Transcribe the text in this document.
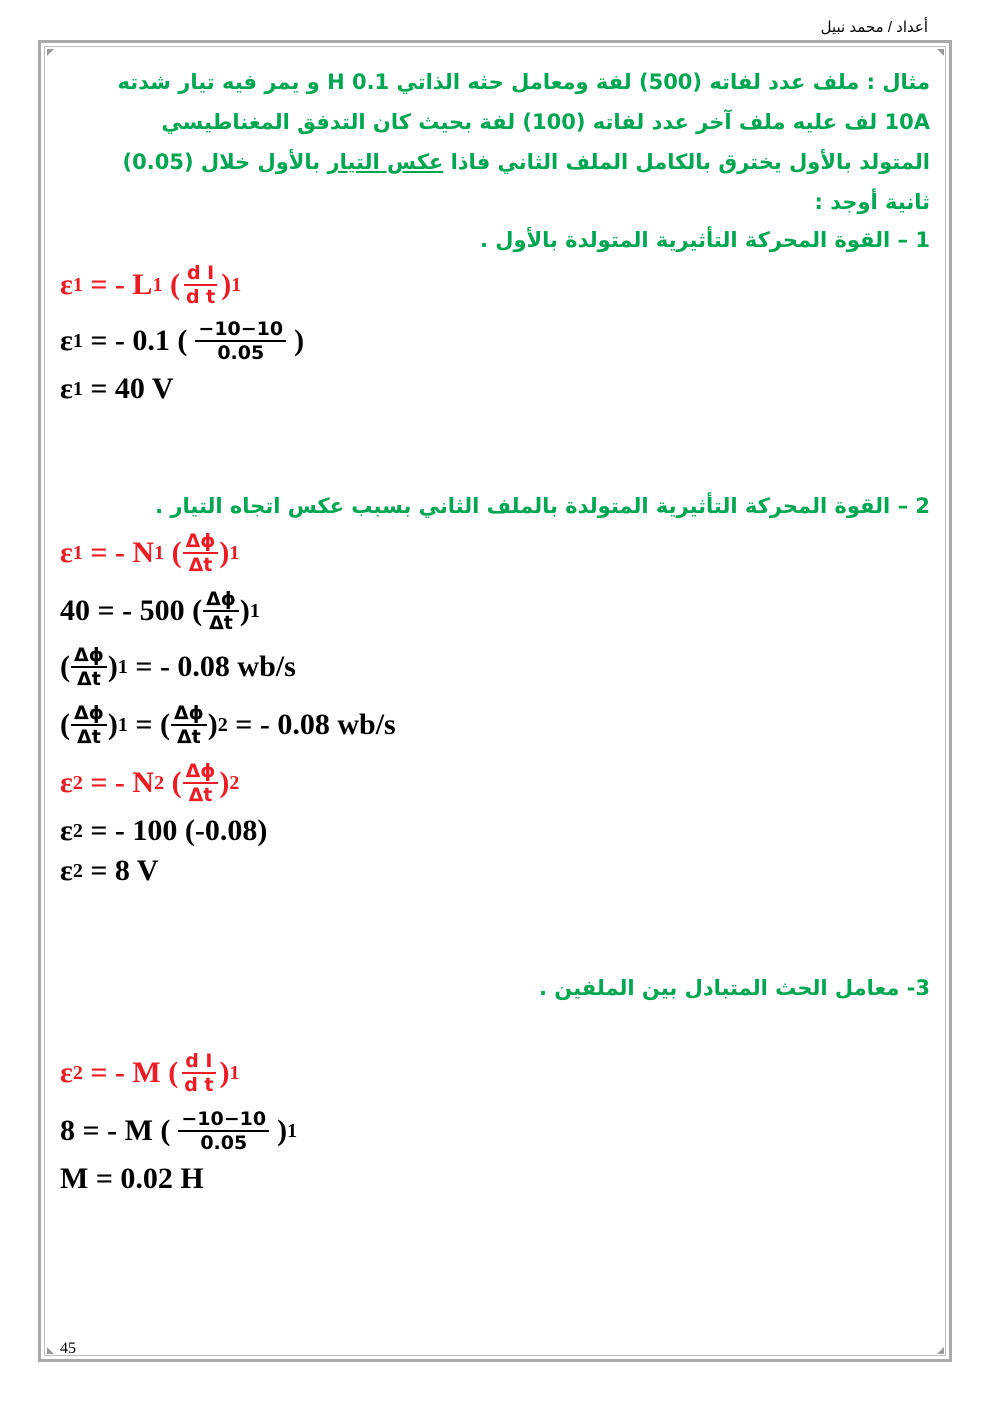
أعداد / محمد نبيل
مثال : ملف عدد لفاته (500) لفة ومعامل حثه الذاتي 0.1 H و يمر فيه تيار شدته
10A لف عليه ملف آخر عدد لفاته (100) لفة بحيث كان التدفق المغناطيسي
المتولد بالأول يخترق بالكامل الملف الثاني فاذا عكس التيار بالأول خلال (0.05)
ثانية أوجد :
1 – القوة المحركة التأثيرية المتولدة بالأول .
ε 1 = - L 1 ( $\frac{\text{d I}}{\text{d t}}$ ) 1
ε 1 = - 0.1 ( $\frac{-10-10}{0.05}$ )
ε 1 = 40 V
2 – القوة المحركة التأثيرية المتولدة بالملف الثاني بسبب عكس اتجاه التيار .
ε 1 = - N 1 ( $\frac{\Delta\phi}{\Delta t}$ ) 1
40 = - 500 ( $\frac{\Delta\phi}{\Delta t}$ ) 1
( $\frac{\Delta\phi}{\Delta t}$ ) 1 = - 0.08 wb/s
( $\frac{\Delta\phi}{\Delta t}$ ) 1 = ( $\frac{\Delta\phi}{\Delta t}$ ) 2 = - 0.08 wb/s
ε 2 = - N 2 ( $\frac{\Delta\phi}{\Delta t}$ ) 2
ε 2 = - 100 (-0.08)
ε 2 = 8 V
3- معامل الحث المتبادل بين الملفين .
ε 2 = - M ( $\frac{\text{d I}}{\text{d t}}$ ) 1
8 = - M ( $\frac{-10-10}{0.05}$ ) 1
M = 0.02 H
45
